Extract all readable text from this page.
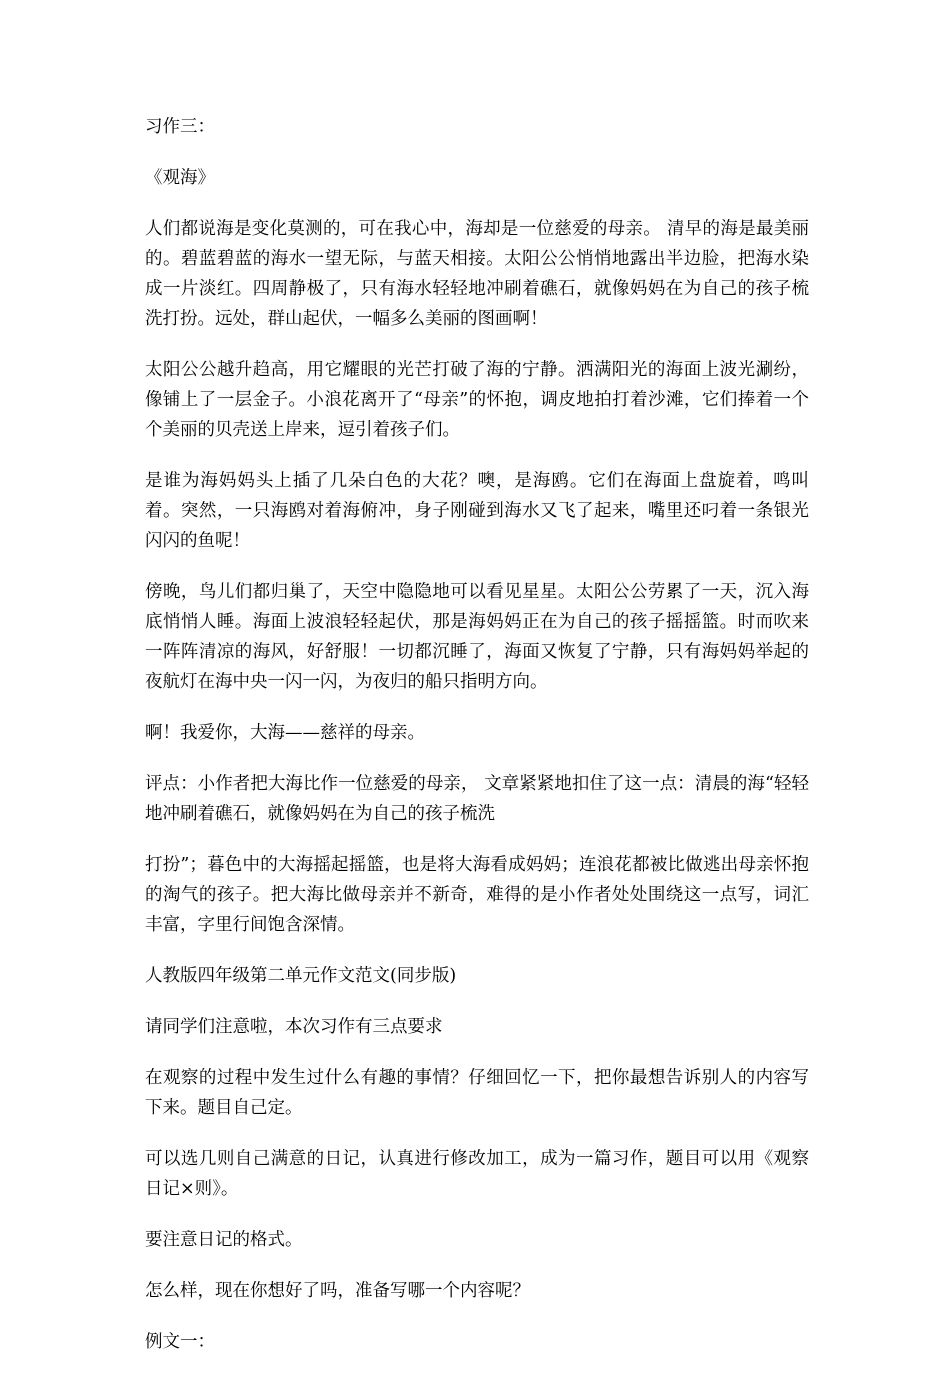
习作三：

《观海》

人们都说海是变化莫测的，可在我心中，海却是一位慈爱的母亲。 清早的海是最美丽的。碧蓝碧蓝的海水一望无际，与蓝天相接。太阳公公悄悄地露出半边脸，把海水染成一片淡红。四周静极了，只有海水轻轻地冲刷着礁石，就像妈妈在为自己的孩子梳洗打扮。远处，群山起伏，一幅多么美丽的图画啊！

太阳公公越升趋高，用它耀眼的光芒打破了海的宁静。洒满阳光的海面上波光涮纷，像铺上了一层金子。小浪花离开了“母亲”的怀抱，调皮地拍打着沙滩，它们捧着一个个美丽的贝壳送上岸来，逗引着孩子们。

是谁为海妈妈头上插了几朵白色的大花？噢，是海鸥。它们在海面上盘旋着，鸣叫着。突然，一只海鸥对着海俯冲，身子刚碰到海水又飞了起来，嘴里还叼着一条银光闪闪的鱼呢！

傍晚，鸟儿们都归巢了，天空中隐隐地可以看见星星。太阳公公劳累了一天，沉入海底悄悄人睡。海面上波浪轻轻起伏，那是海妈妈正在为自己的孩子摇摇篮。时而吹来一阵阵清凉的海风，好舒服！一切都沉睡了，海面又恢复了宁静，只有海妈妈举起的夜航灯在海中央一闪一闪，为夜归的船只指明方向。

啊！我爱你，大海——慈祥的母亲。

评点：小作者把大海比作一位慈爱的母亲， 文章紧紧地扣住了这一点：清晨的海“轻轻地冲刷着礁石，就像妈妈在为自己的孩子梳洗

打扮”；暮色中的大海摇起摇篮，也是将大海看成妈妈；连浪花都被比做逃出母亲怀抱的淘气的孩子。把大海比做母亲并不新奇，难得的是小作者处处围绕这一点写，词汇丰富，字里行间饱含深情。

人教版四年级第二单元作文范文(同步版)

请同学们注意啦，本次习作有三点要求

在观察的过程中发生过什么有趣的事情？仔细回忆一下，把你最想告诉别人的内容写下来。题目自己定。

可以选几则自己满意的日记，认真进行修改加工，成为一篇习作，题目可以用《观察日记×则》。

要注意日记的格式。

怎么样，现在你想好了吗，准备写哪一个内容呢？

例文一：
